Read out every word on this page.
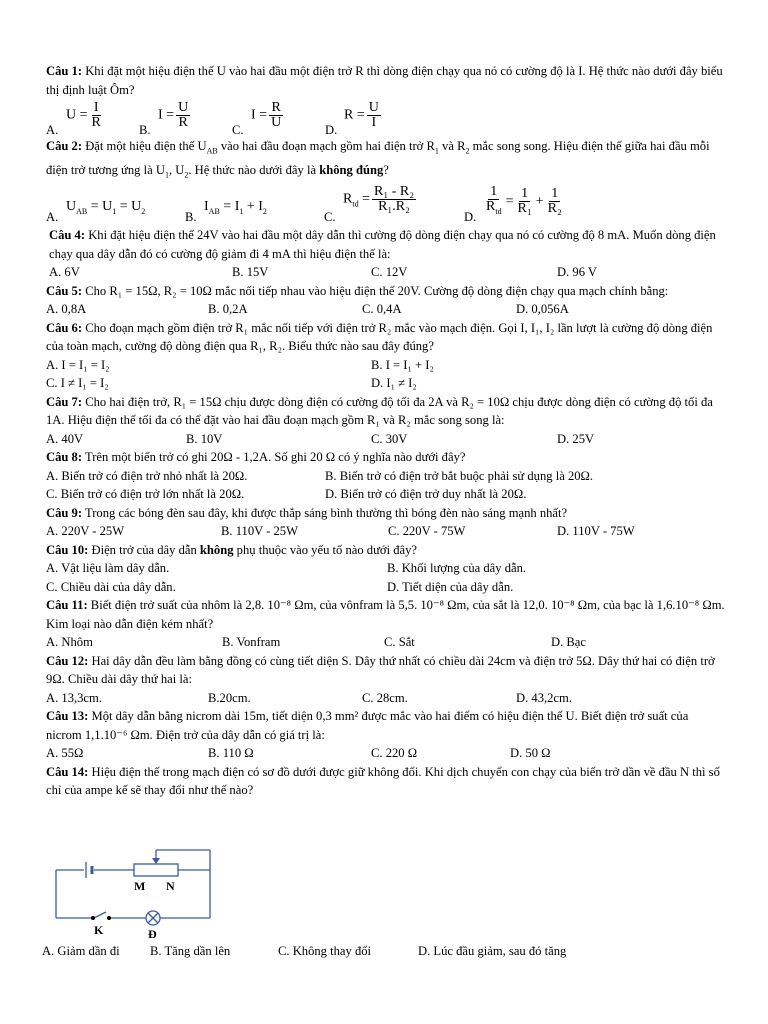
Câu 1: Khi đặt một hiệu điện thế U vào hai đầu một điện trở R thì dòng điện chạy qua nó có cường độ là I. Hệ thức nào dưới đây biểu thị định luật Ôm?

A.
$U = \frac{I}{R}$	B.
$I = \frac{U}{R}$	C.
$I = \frac{R}{U}$	D.
$R = \frac{U}{I}$

Câu 2: Đặt một hiệu điện thế $U_{AB}$ vào hai đầu đoạn mạch gồm hai điện trở $R_1$ và $R_2$ mắc song song. Hiệu điện thế giữa hai đầu mỗi điện trở tương ứng là $U_1$, $U_2$. Hệ thức nào dưới đây là không đúng?

A.
$U_{AB} = U_1 = U_2$	B.
$I_{AB} = I_1 + I_2$	C.
$R_{td} = \frac{\text{R₁ - R₂}}{\text{R₁.R₂}}$
D. $\frac{1}{R_{td}} = \frac{1}{\text{R₁}} + \frac{1}{\text{R₂}}$

Câu 4: Khi đặt hiệu điện thế 24V vào hai đầu một dây dẫn thì cường độ dòng điện chạy qua nó có cường độ 8 mA. Muốn dòng điện chạy qua dây dẫn đó có cường độ giảm đi 4 mA thì hiệu điện thế là:

A. 6V	B. 15V	C. 12V	D. 96 V

Câu 5: Cho R₁ = 15Ω, R₂ = 10Ω mắc nối tiếp nhau vào hiệu điện thế 20V. Cường độ dòng điện chạy qua mạch chính bằng:

A. 0,8A	B. 0,2A	C. 0,4A	D. 0,056A

Câu 6: Cho đoạn mạch gồm điện trở R₁ mắc nối tiếp với điện trở R₂ mắc vào mạch điện. Gọi I, I₁, I₂ lần lượt là cường độ dòng điện của toàn mạch, cường độ dòng điện qua R₁, R₂. Biểu thức nào sau đây đúng?

A. I = I₁ = I₂	B. I = I₁ + I₂
C. I ≠ I₁ = I₂	D. I₁ ≠ I₂

Câu 7: Cho hai điện trở, R₁ = 15Ω chịu được dòng điện có cường độ tối đa 2A và R₂ = 10Ω chịu được dòng điện có cường độ tối đa 1A. Hiệu điện thế tối đa có thể đặt vào hai đầu đoạn mạch gồm R₁ và R₂ mắc song song là:

A. 40V	B. 10V	C. 30V	D. 25V

Câu 8: Trên một biến trở có ghi 20Ω - 1,2A. Số ghi 20 Ω có ý nghĩa nào dưới đây?

A. Biến trở có điện trở nhỏ nhất là 20Ω.	B. Biến trở có điện trở bắt buộc phải sử dụng là 20Ω.
C. Biến trở có điện trở lớn nhất là 20Ω.	D. Biến trở có điện trở duy nhất là 20Ω.

Câu 9: Trong các bóng đèn sau đây, khi được thắp sáng bình thường thì bóng đèn nào sáng mạnh nhất?

A. 220V - 25W	B. 110V - 25W	C. 220V - 75W	D. 110V - 75W

Câu 10: Điện trở của dây dẫn không phụ thuộc vào yếu tố nào dưới đây?

A. Vật liệu làm dây dẫn.	B. Khối lượng của dây dẫn.
C. Chiều dài của dây dẫn.	D. Tiết diện của dây dẫn.

Câu 11: Biết điện trở suất của nhôm là 2,8. 10⁻⁸ Ωm, của vônfram là 5,5. 10⁻⁸ Ωm, của sắt là 12,0. 10⁻⁸ Ωm, của bạc là 1,6.10⁻⁸ Ωm. Kim loại nào dẫn điện kém nhất?

A. Nhôm	B. Vonfram	C. Sắt	D. Bạc

Câu 12: Hai dây dẫn đều làm bằng đồng có cùng tiết diện S. Dây thứ nhất có chiều dài 24cm và điện trở 5Ω. Dây thứ hai có điện trở 9Ω. Chiều dài dây thứ hai là:

A. 13,3cm.	B.20cm.	C. 28cm.	D. 43,2cm.

Câu 13: Một dây dẫn bằng nicrom dài 15m, tiết diện 0,3 mm² được mắc vào hai điểm có hiệu điện thế U. Biết điện trở suất của nicrom 1,1.10⁻⁶ Ωm. Điện trở của dây dẫn có giá trị là:

A. 55Ω	B. 110 Ω	C. 220 Ω	D. 50 Ω

Câu 14: Hiệu điện thế trong mạch điện có sơ đồ dưới được giữ không đổi. Khi dịch chuyển con chạy của biến trở dần về đầu N thì số chỉ của ampe kế sẽ thay đổi như thế nào?

M N
K	Đ
A. Giảm dần đi B. Tăng dần lên	C. Không thay đổi	D. Lúc đầu giảm, sau đó tăng
